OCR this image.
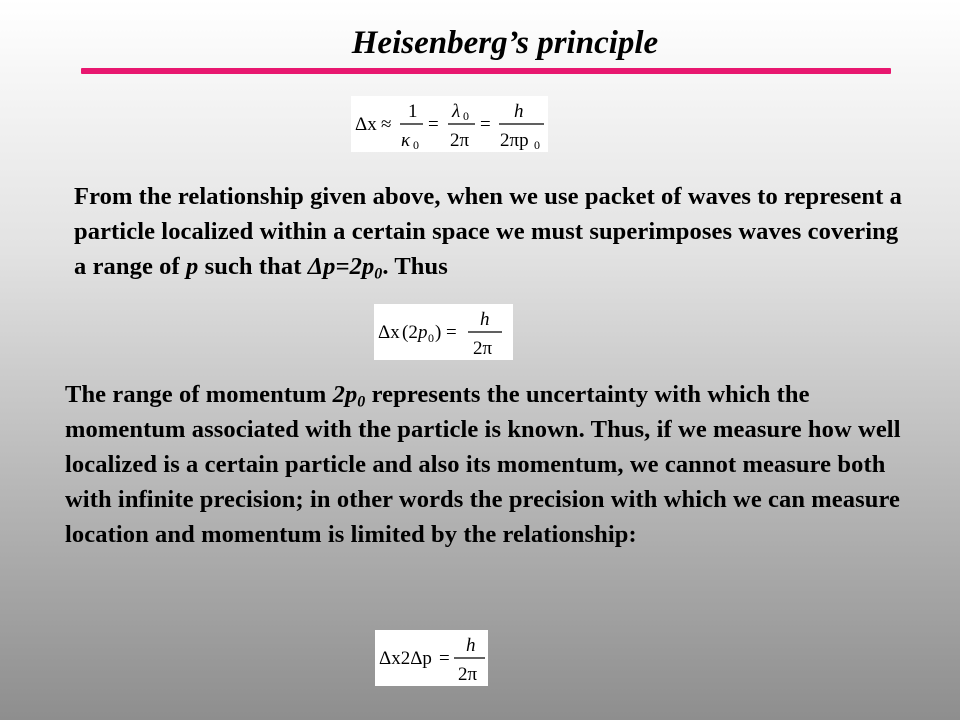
Heisenberg’s principle
Δx ≈
1
κ 0
=
λ 0
2π
=
h
2πp 0

From the relationship given above, when we use packet of waves to represent a particle localized within a certain space we must superimposes waves covering a range of p such that $\Delta p=2p_0$. Thus

Δx (2 p 0 ) =
h
2π

The range of momentum $2p_0$ represents the uncertainty with which the momentum associated with the particle is known. Thus, if we measure how well localized is a certain particle and also its momentum, we cannot measure both with infinite precision; in other words the precision with which we can measure location and momentum is limited by the relationship:

Δx2Δp =
h
2π
